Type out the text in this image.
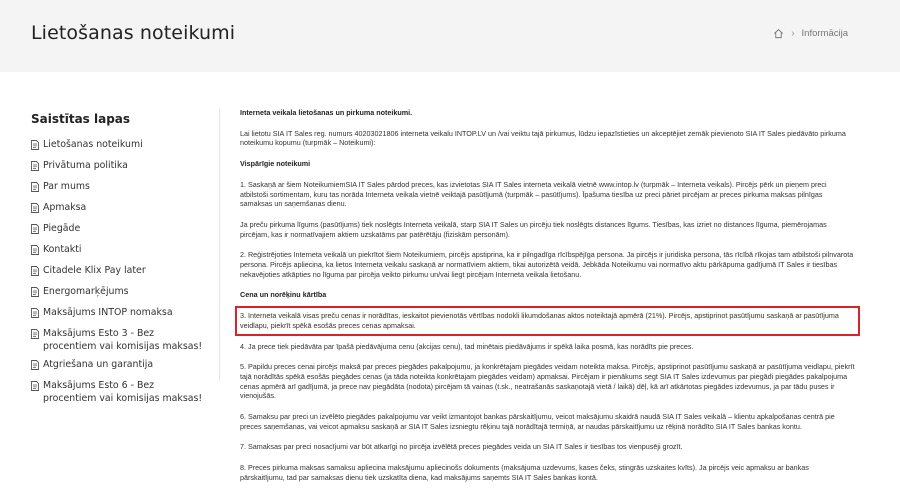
Lietošanas noteikumi	› Informācija
Saistītas lapas
Lietošanas noteikumi
Privātuma politika
Par mums
Apmaksa
Piegāde
Kontakti
Citadele Klix Pay later
Energomarķējums
Maksājums INTOP nomaksa
Maksājums Esto 3 - Bez procentiem vai komisijas maksas!
Atgriešana un garantija
Maksājums Esto 6 - Bez procentiem vai komisijas maksas!

Interneta veikala lietošanas un pirkuma noteikumi.

Lai lietotu SIA IT Sales reg. numurs 40203021806 interneta veikalu INTOP.LV un /vai veiktu tajā pirkumus, lūdzu iepazīstieties un akceptējiet zemāk pievienoto SIA IT Sales piedāvāto pirkuma noteikumu kopumu (turpmāk – Noteikumi):

Vispārīgie noteikumi

1. Saskaņā ar šiem NoteikumiemSIA IT Sales pārdod preces, kas izvietotas SIA IT Sales interneta veikalā vietnē www.intop.lv (turpmāk – Interneta veikals). Pircējs pērk un pieņem preci atbilstoši sortimentam, kuru tas norāda Interneta veikala vietnē veiktajā pasūtījumā (turpmāk – pasūtījums). Īpašuma tiesība uz preci pāriet pircējam ar preces pirkuma maksas pilnīgas samaksas un saņemšanas dienu.

Ja preču pirkuma līgums (pasūtījums) tiek noslēgts Interneta veikalā, starp SIA IT Sales un pircēju tiek noslēgts distances līgums. Tiesības, kas izriet no distances līguma, piemērojamas pircējam, kas ir normatīvajiem aktiem uzskatāms par patērētāju (fiziskām personām).

2. Reģistrējoties Interneta veikalā un piekrītot šiem Noteikumiem, pircējs apstiprina, ka ir pilngadīga rīcībspējīga persona. Ja pircējs ir juridiska persona, tās rīcībā rīkojas tam atbilstoši pilnvarota persona. Pircējs apliecina, ka lietos Interneta veikalu saskaņā ar normatīviem aktiem, tikai autorizētā veidā. Jebkāda Noteikumu vai normatīvo aktu pārkāpuma gadījumā IT Sales ir tiesības nekavējoties atkāpties no līguma par pircēja veikto pirkumu un/vai liegt pircējam Interneta veikala lietošanu.

Cena un norēķinu kārtība

3. Interneta veikalā visas preču cenas ir norādītas, ieskaitot pievienotās vērtības nodokli likumdošanas aktos noteiktajā apmērā (21%). Pircējs, apstiprinot pasūtījumu saskaņā ar pasūtījuma veidlapu, piekrīt spēkā esošās preces cenas apmaksai.

4. Ja prece tiek piedāvāta par īpašā piedāvājuma cenu (akcijas cenu), tad minētais piedāvājums ir spēkā laika posmā, kas norādīts pie preces.

5. Papildu preces cenai pircējs maksā par preces piegādes pakalpojumu, ja konkrētajam piegādes veidam noteikta maksa. Pircējs, apstiprinot pasūtījumu saskaņā ar pasūtījuma veidlapu, piekrīt tajā norādītās spēkā esošās piegādes cenas (ja tāda noteikta konkrētajam piegādes veidam) apmaksai. Pircējam ir pienākums segt SIA IT Sales izdevumus par piegādi piegādes pakalpojuma cenas apmērā arī gadījumā, ja prece nav piegādāta (nodota) pircējam tā vainas (t.sk., neatrašanās saskaņotajā vietā / laikā) dēļ, kā arī atkārtotas piegādes izdevumus, ja par tādu puses ir vienojušās.

6. Samaksu par preci un izvēlēto piegādes pakalpojumu var veikt izmantojot bankas pārskaitījumu, veicot maksājumu skaidrā naudā SIA IT Sales veikalā – klientu apkalpošanas centrā pie preces saņemšanas, vai veicot apmaksu saskaņā ar SIA IT Sales izsniegtu rēķinu tajā norādītajā termiņā, ar naudas pārskaitījumu uz rēķinā norādīto SIA IT Sales bankas kontu.

7. Samaksas par preci nosacījumi var būt atkarīgi no pircēja izvēlētā preces piegādes veida un SIA IT Sales ir tiesības tos vienpusēji grozīt.

8. Preces pirkuma maksas samaksu apliecina maksājumu apliecinošs dokuments (maksājuma uzdevums, kases čeks, stingrās uzskaites kvīts). Ja pircējs veic apmaksu ar bankas pārskaitījumu, tad par samaksas dienu tiek uzskatīta diena, kad maksājums saņemts SIA IT Sales bankas kontā.
